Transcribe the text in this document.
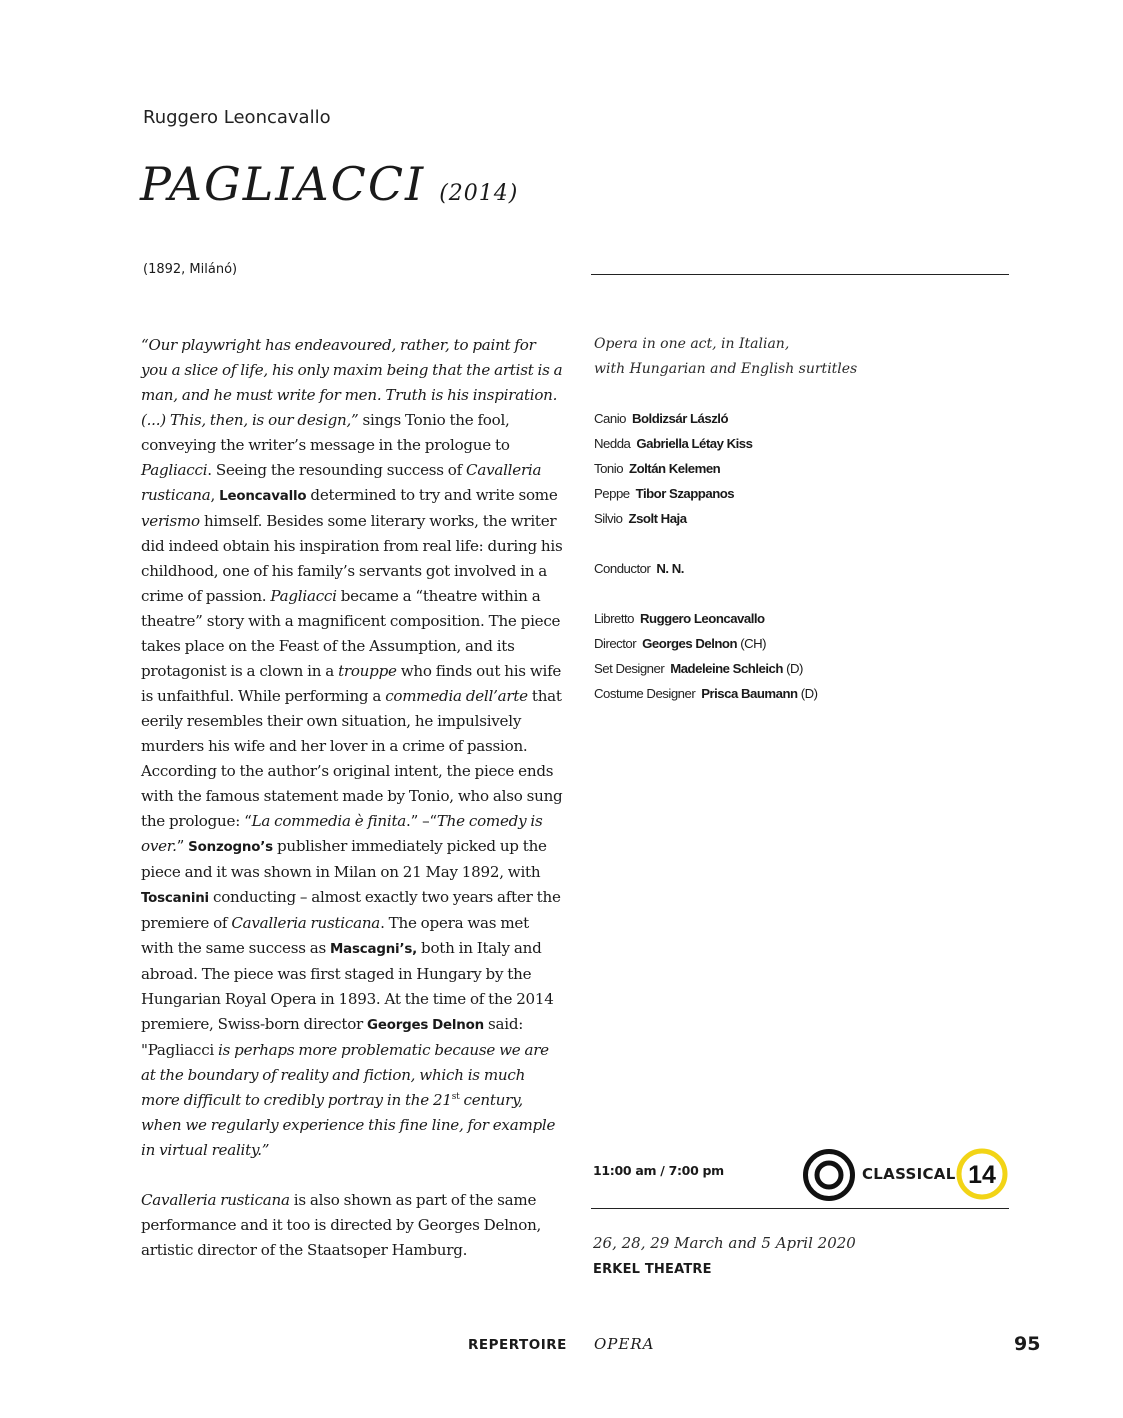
Ruggero Leoncavallo
PAGLIACCI (2014)
(1892, Milánó)

“Our playwright has endeavoured, rather, to paint for you a slice of life, his only maxim being that the artist is a man, and he must write for men. Truth is his inspiration. (...) This, then, is our design,” sings Tonio the fool, conveying the writer’s message in the prologue to Pagliacci. Seeing the resounding success of Cavalleria rusticana, Leoncavallo determined to try and write some verismo himself. Besides some literary works, the writer did indeed obtain his inspiration from real life: during his childhood, one of his family’s servants got involved in a crime of passion. Pagliacci became a “theatre within a theatre” story with a magnificent composition. The piece takes place on the Feast of the Assumption, and its protagonist is a clown in a trouppe who finds out his wife is unfaithful. While performing a commedia dell’arte that eerily resembles their own situation, he impulsively murders his wife and her lover in a crime of passion. According to the author’s original intent, the piece ends with the famous statement made by Tonio, who also sung the prologue: “La commedia è finita.” –“The comedy is over.” Sonzogno’s publisher immediately picked up the piece and it was shown in Milan on 21 May 1892, with Toscanini conducting – almost exactly two years after the premiere of Cavalleria rusticana. The opera was met with the same success as Mascagni’s, both in Italy and abroad. The piece was first staged in Hungary by the Hungarian Royal Opera in 1893. At the time of the 2014 premiere, Swiss-born director Georges Delnon said: "Pagliacci is perhaps more problematic because we are at the boundary of reality and fiction, which is much more difficult to credibly portray in the 21st century, when we regularly experience this fine line, for example in virtual reality.”

Cavalleria rusticana is also shown as part of the same performance and it too is directed by Georges Delnon, artistic director of the Staatsoper Hamburg.

Opera in one act, in Italian,
with Hungarian and English surtitles
Canio Boldizsár László
Nedda Gabriella Létay Kiss
Tonio Zoltán Kelemen
Peppe Tibor Szappanos
Silvio Zsolt Haja
Conductor N. N.
Libretto Ruggero Leoncavallo
Director Georges Delnon (CH)
Set Designer Madeleine Schleich (D)
Costume Designer Prisca Baumann (D)
11:00 am / 7:00 pm	CLASSICAL 14
26, 28, 29 March and 5 April 2020
ERKEL THEATRE
REPERTOIRE OPERA	95
